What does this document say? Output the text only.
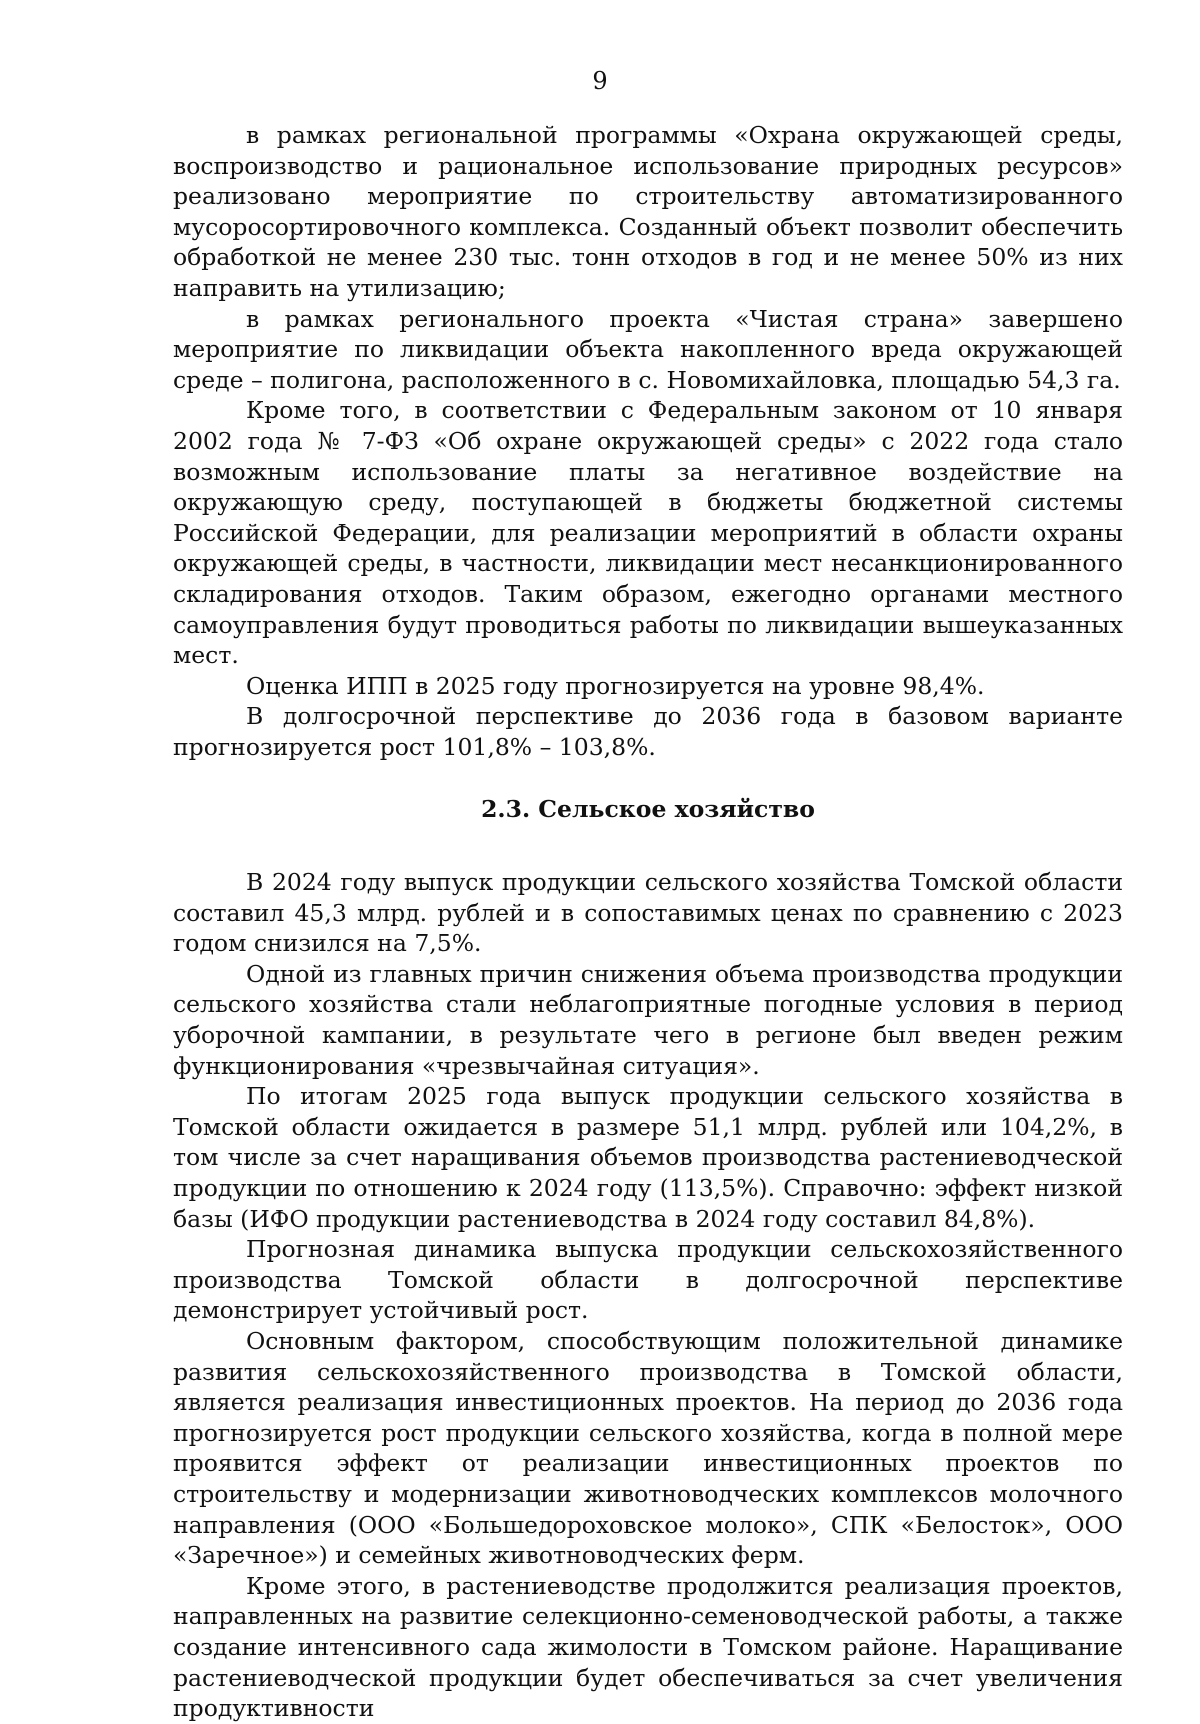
9

в рамках региональной программы «Охрана окружающей среды, воспроизводство и рациональное использование природных ресурсов» реализовано мероприятие по строительству автоматизированного мусоросортировочного комплекса. Созданный объект позволит обеспечить обработкой не менее 230 тыс. тонн отходов в год и не менее 50% из них направить на утилизацию;

в рамках регионального проекта «Чистая страна» завершено мероприятие по ликвидации объекта накопленного вреда окружающей среде – полигона, расположенного в с. Новомихайловка, площадью 54,3 га.

Кроме того, в соответствии с Федеральным законом от 10 января 2002 года № 7-ФЗ «Об охране окружающей среды» с 2022 года стало возможным использование платы за негативное воздействие на окружающую среду, поступающей в бюджеты бюджетной системы Российской Федерации, для реализации мероприятий в области охраны окружающей среды, в частности, ликвидации мест несанкционированного складирования отходов. Таким образом, ежегодно органами местного самоуправления будут проводиться работы по ликвидации вышеуказанных мест.

Оценка ИПП в 2025 году прогнозируется на уровне 98,4%.

В долгосрочной перспективе до 2036 года в базовом варианте прогнозируется рост 101,8% – 103,8%.

2.3. Сельское хозяйство

В 2024 году выпуск продукции сельского хозяйства Томской области составил 45,3 млрд. рублей и в сопоставимых ценах по сравнению с 2023 годом снизился на 7,5%.

Одной из главных причин снижения объема производства продукции сельского хозяйства стали неблагоприятные погодные условия в период уборочной кампании, в результате чего в регионе был введен режим функционирования «чрезвычайная ситуация».

По итогам 2025 года выпуск продукции сельского хозяйства в Томской области ожидается в размере 51,1 млрд. рублей или 104,2%, в том числе за счет наращивания объемов производства растениеводческой продукции по отношению к 2024 году (113,5%). Справочно: эффект низкой базы (ИФО продукции растениеводства в 2024 году составил 84,8%).

Прогнозная динамика выпуска продукции сельскохозяйственного производства Томской области в долгосрочной перспективе демонстрирует устойчивый рост.

Основным фактором, способствующим положительной динамике развития сельскохозяйственного производства в Томской области, является реализация инвестиционных проектов. На период до 2036 года прогнозируется рост продукции сельского хозяйства, когда в полной мере проявится эффект от реализации инвестиционных проектов по строительству и модернизации животноводческих комплексов молочного направления (ООО «Большедороховское молоко», СПК «Белосток», ООО «Заречное») и семейных животноводческих ферм.

Кроме этого, в растениеводстве продолжится реализация проектов, направленных на развитие селекционно-семеноводческой работы, а также создание интенсивного сада жимолости в Томском районе. Наращивание растениеводческой продукции будет обеспечиваться за счет увеличения продуктивности
